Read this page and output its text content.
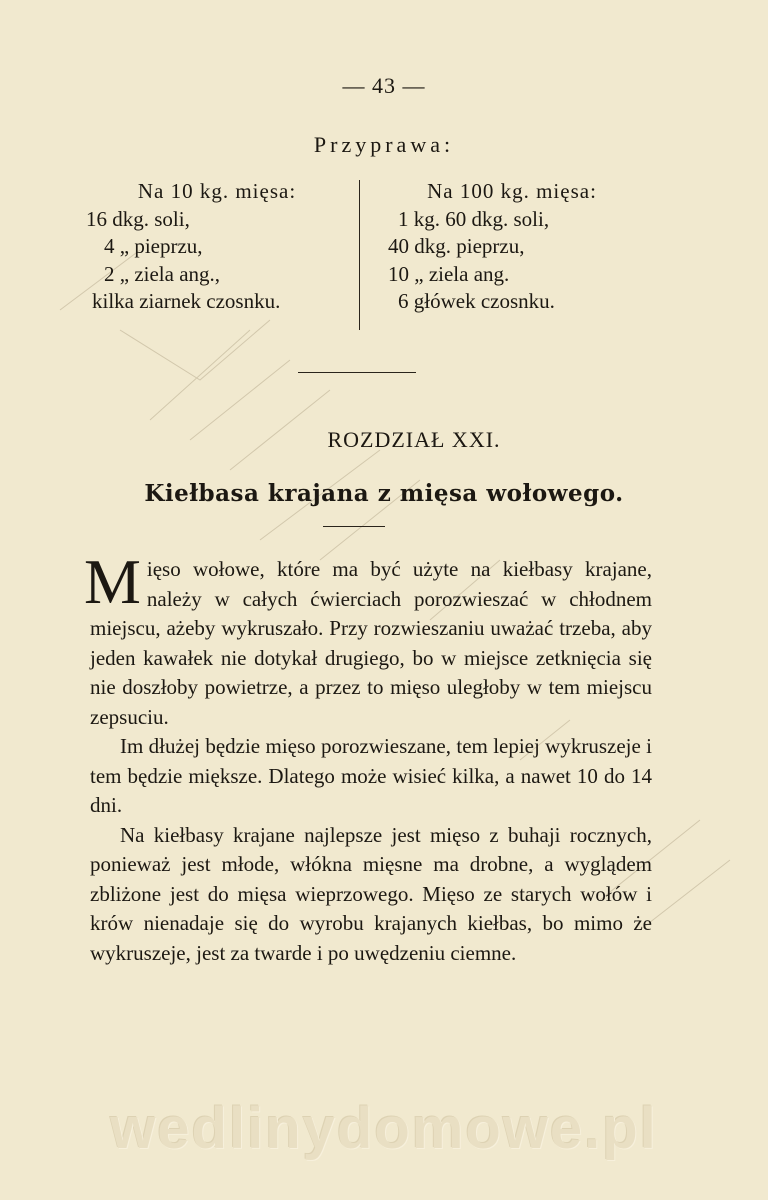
— 43 —
Przyprawa:
Na 10 kg. mięsa:
16 dkg. soli,
4 „ pieprzu,
2 „ ziela ang.,
kilka ziarnek czosnku.
Na 100 kg. mięsa:
1 kg. 60 dkg. soli,
40 dkg. pieprzu,
10 „ ziela ang.
6 główek czosnku.
ROZDZIAŁ XXI.
Kiełbasa krajana z mięsa wołowego.

Mięso wołowe, które ma być użyte na kiełbasy krajane, należy w całych ćwierciach porozwieszać w chłodnem miejscu, ażeby wykruszało. Przy rozwieszaniu uważać trzeba, aby jeden kawałek nie dotykał drugiego, bo w miejsce zetknięcia się nie doszłoby powietrze, a przez to mięso uległoby w tem miejscu zepsuciu.

Im dłużej będzie mięso porozwieszane, tem lepiej wykruszeje i tem będzie miększe. Dlatego może wisieć kilka, a nawet 10 do 14 dni.

Na kiełbasy krajane najlepsze jest mięso z buhaji rocznych, ponieważ jest młode, włókna mięsne ma drobne, a wyglądem zbliżone jest do mięsa wieprzowego. Mięso ze starych wołów i krów nienadaje się do wyrobu krajanych kiełbas, bo mimo że wykruszeje, jest za twarde i po uwędzeniu ciemne.

wedlinydomowe.pl
